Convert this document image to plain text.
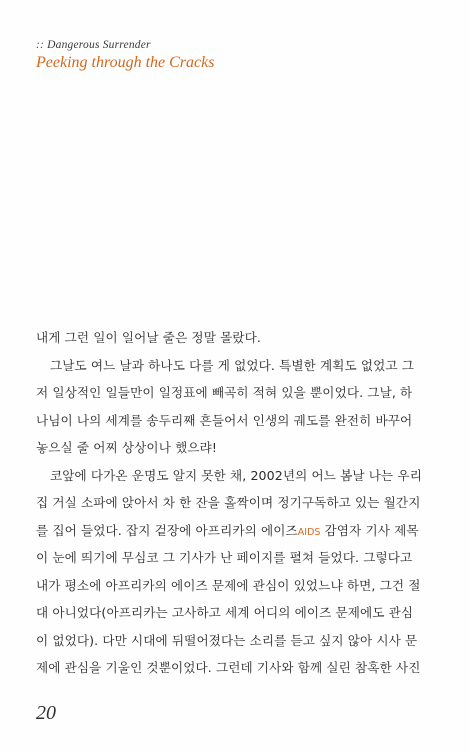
:: Dangerous Surrender
Peeking through the Cracks
내게 그런 일이 일어날 줄은 정말 몰랐다.
그날도 여느 날과 하나도 다를 게 없었다. 특별한 계획도 없었고 그
저 일상적인 일들만이 일정표에 빼곡히 적혀 있을 뿐이었다. 그날, 하
나님이 나의 세계를 송두리째 흔들어서 인생의 궤도를 완전히 바꾸어
놓으실 줄 어찌 상상이나 했으랴!
코앞에 다가온 운명도 알지 못한 채, 2002년의 어느 봄날 나는 우리
집 거실 소파에 앉아서 차 한 잔을 홀짝이며 정기구독하고 있는 월간지
를 집어 들었다. 잡지 겉장에 아프리카의 에이즈AIDS 감염자 기사 제목
이 눈에 띄기에 무심코 그 기사가 난 페이지를 펼쳐 들었다. 그렇다고
내가 평소에 아프리카의 에이즈 문제에 관심이 있었느냐 하면, 그건 절
대 아니었다(아프리카는 고사하고 세계 어디의 에이즈 문제에도 관심
이 없었다). 다만 시대에 뒤떨어졌다는 소리를 듣고 싶지 않아 시사 문
제에 관심을 기울인 것뿐이었다. 그런데 기사와 함께 실린 참혹한 사진
20
